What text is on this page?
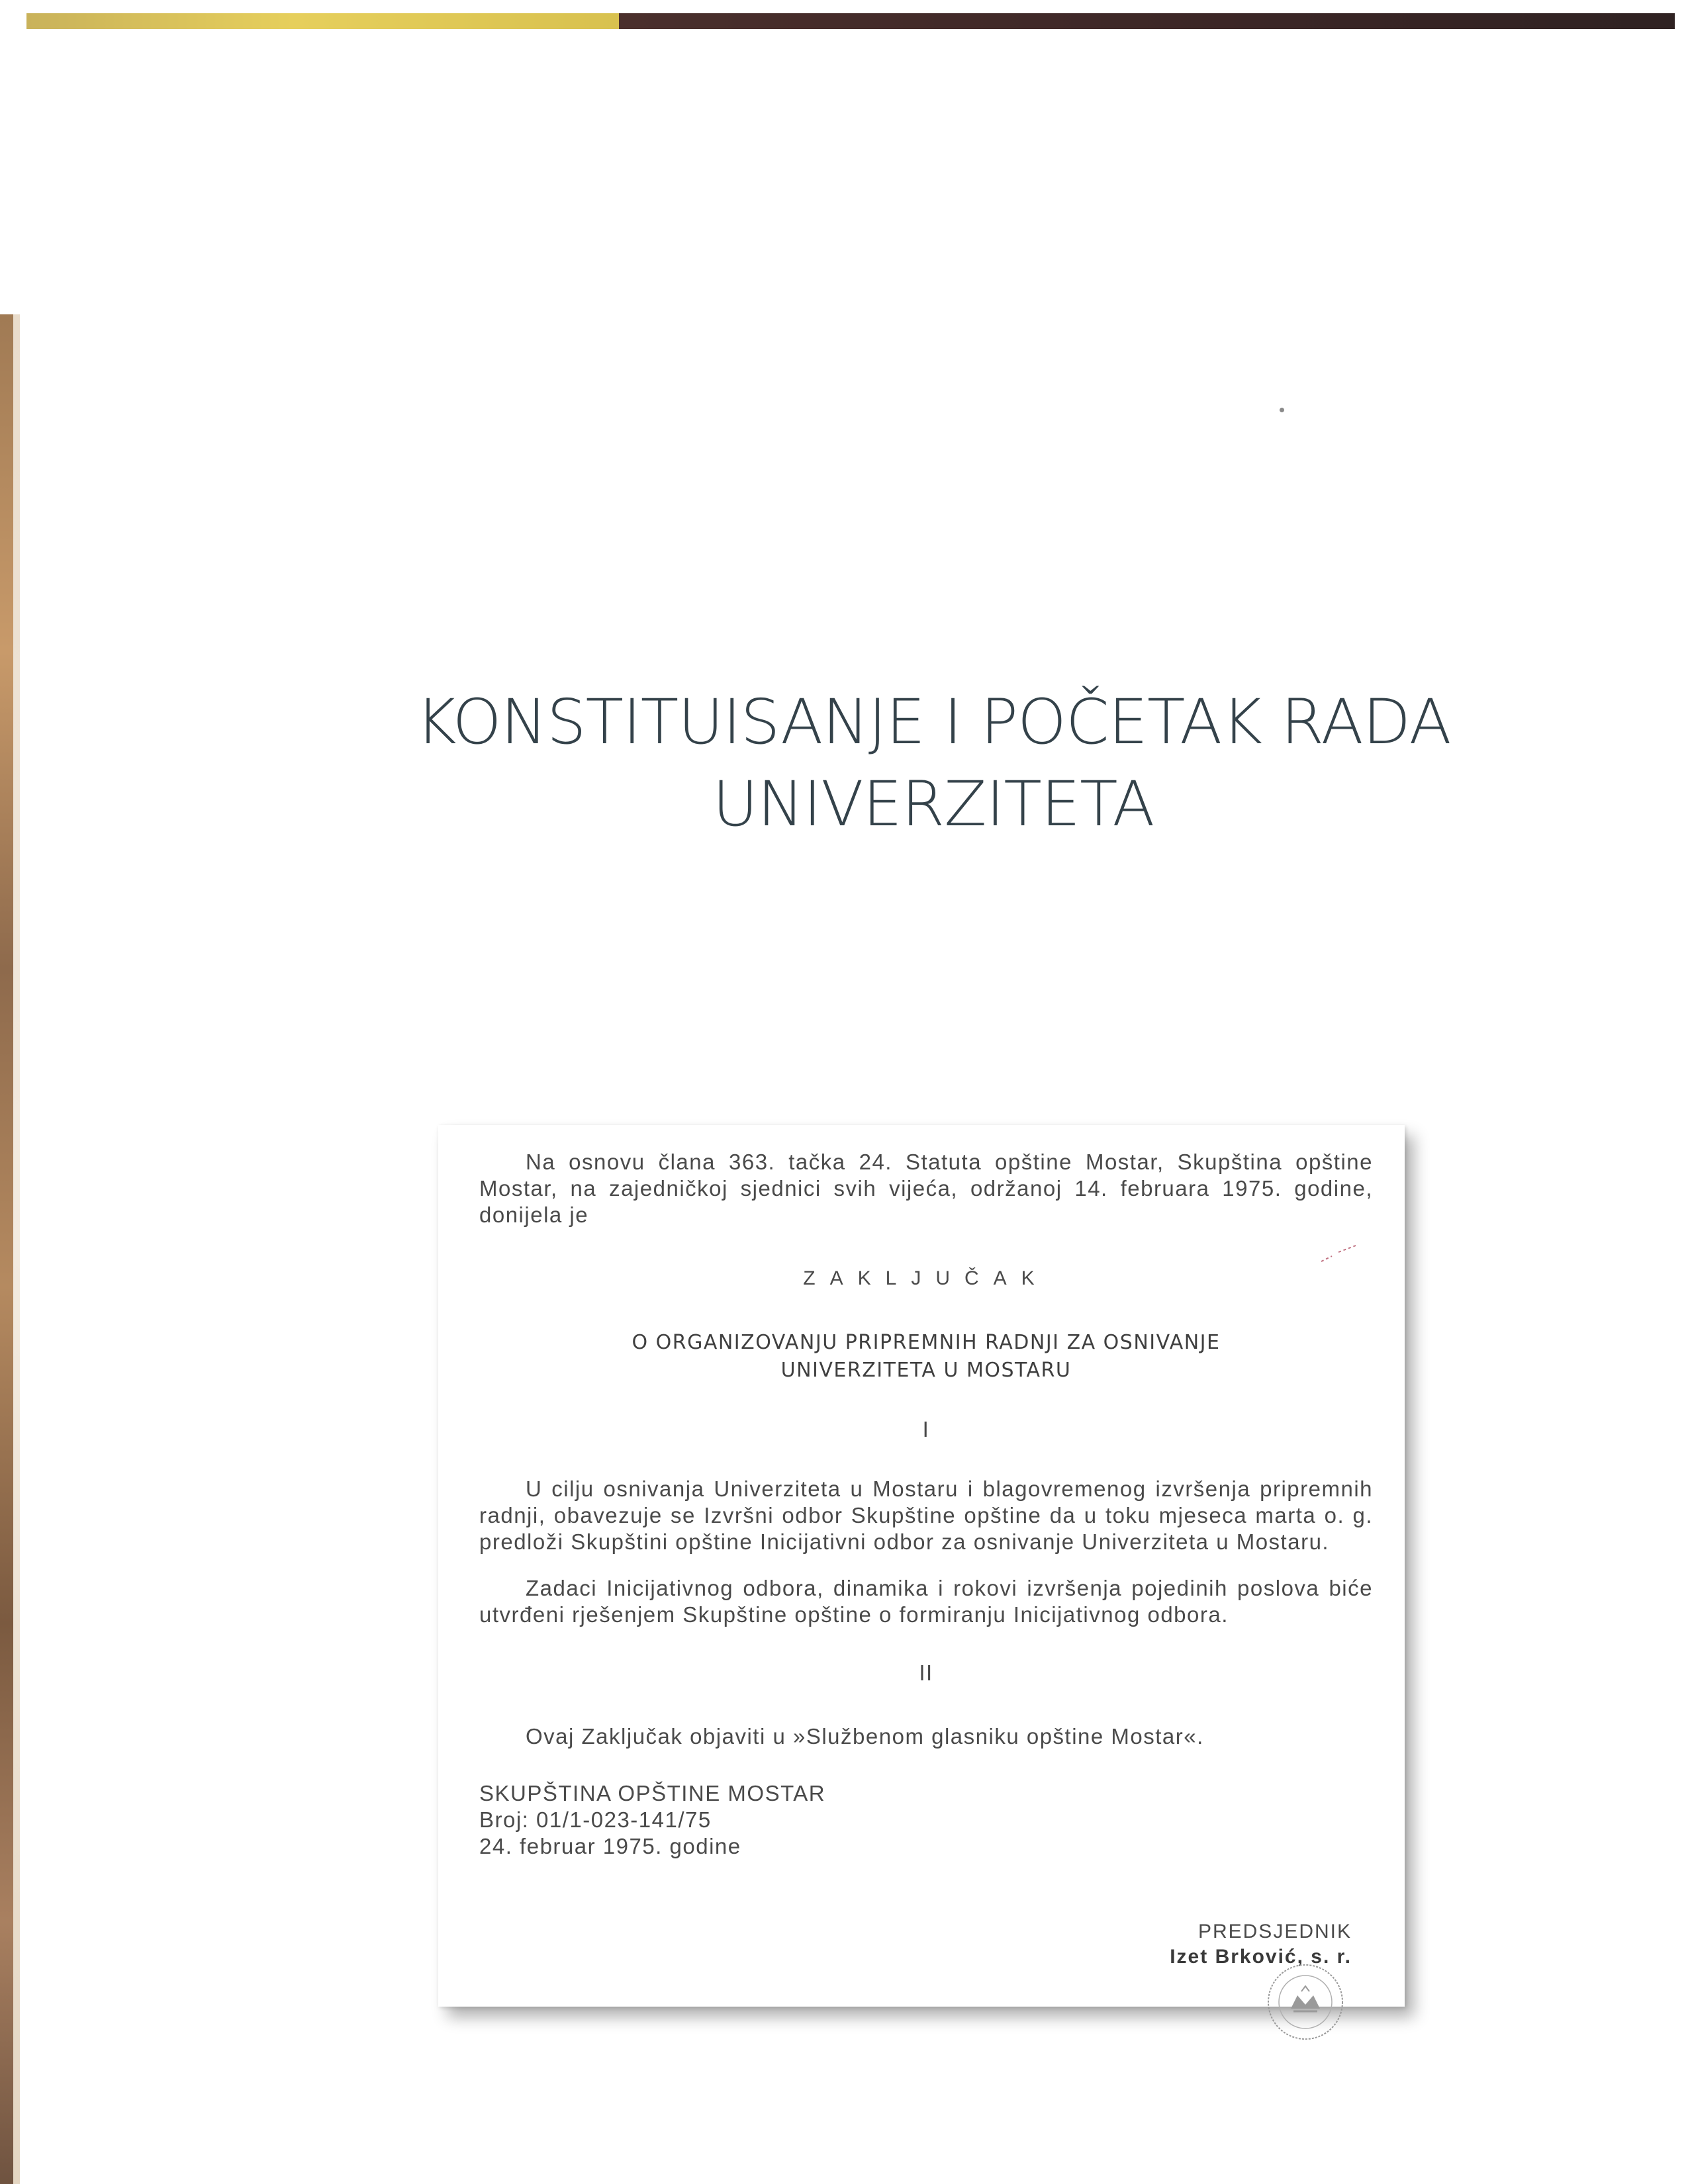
KONSTITUISANJE I POČETAK RADA
UNIVERZITETA

Na osnovu člana 363. tačka 24. Statuta opštine Mostar, Skupština opštine Mostar, na zajedničkoj sjednici svih vijeća, održanoj 14. februara 1975. godine, donijela je

ZAKLJUČAK

O ORGANIZOVANJU PRIPREMNIH RADNJI ZA OSNIVANJE
UNIVERZITETA U MOSTARU

I

U cilju osnivanja Univerziteta u Mostaru i blagovremenog izvršenja pripremnih radnji, obavezuje se Izvršni odbor Skupštine opštine da u toku mjeseca marta o. g. predloži Skupštini opštine Inicijativni odbor za osnivanje Univerziteta u Mostaru.

Zadaci Inicijativnog odbora, dinamika i rokovi izvršenja pojedinih poslova biće utvrđeni rješenjem Skupštine opštine o formiranju Inicijativnog odbora.

II

Ovaj Zaključak objaviti u »Službenom glasniku opštine Mostar«.

SKUPŠTINA OPŠTINE MOSTAR
Broj: 01/1-023-141/75
24. februar 1975. godine
PREDSJEDNIK
Izet Brković, s. r.
